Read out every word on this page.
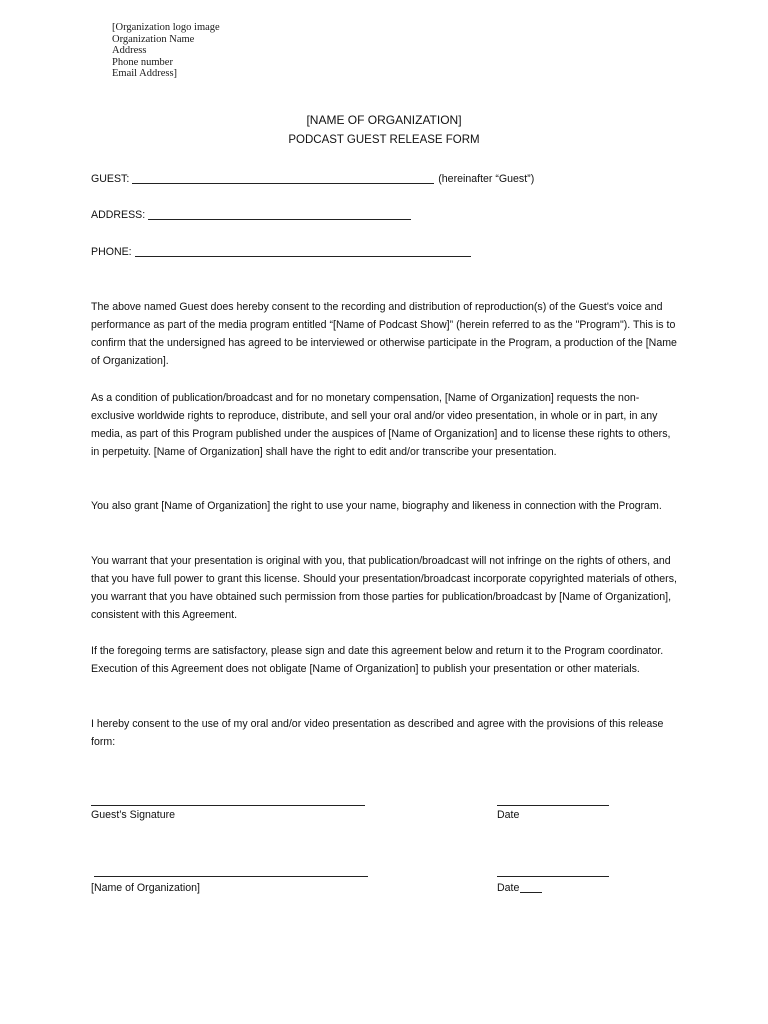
[Organization logo image
Organization Name
Address
Phone number
Email Address]
[NAME OF ORGANIZATION]
PODCAST GUEST RELEASE FORM
GUEST:	(hereinafter “Guest”)
ADDRESS:
PHONE:

The above named Guest does hereby consent to the recording and distribution of reproduction(s) of the Guest's voice and performance as part of the media program entitled “[Name of Podcast Show]” (herein referred to as the "Program"). This is to confirm that the undersigned has agreed to be interviewed or otherwise participate in the Program, a production of the [Name of Organization].

As a condition of publication/broadcast and for no monetary compensation, [Name of Organization] requests the non-exclusive worldwide rights to reproduce, distribute, and sell your oral and/or video presentation, in whole or in part, in any media, as part of this Program published under the auspices of [Name of Organization] and to license these rights to others, in perpetuity. [Name of Organization] shall have the right to edit and/or transcribe your presentation.

You also grant [Name of Organization] the right to use your name, biography and likeness in connection with the Program.

You warrant that your presentation is original with you, that publication/broadcast will not infringe on the rights of others, and that you have full power to grant this license. Should your presentation/broadcast incorporate copyrighted materials of others, you warrant that you have obtained such permission from those parties for publication/broadcast by [Name of Organization], consistent with this Agreement.

If the foregoing terms are satisfactory, please sign and date this agreement below and return it to the Program coordinator. Execution of this Agreement does not obligate [Name of Organization] to publish your presentation or other materials.

I hereby consent to the use of my oral and/or video presentation as described and agree with the provisions of this release form:

Guest’s Signature	Date
[Name of Organization]	Date
